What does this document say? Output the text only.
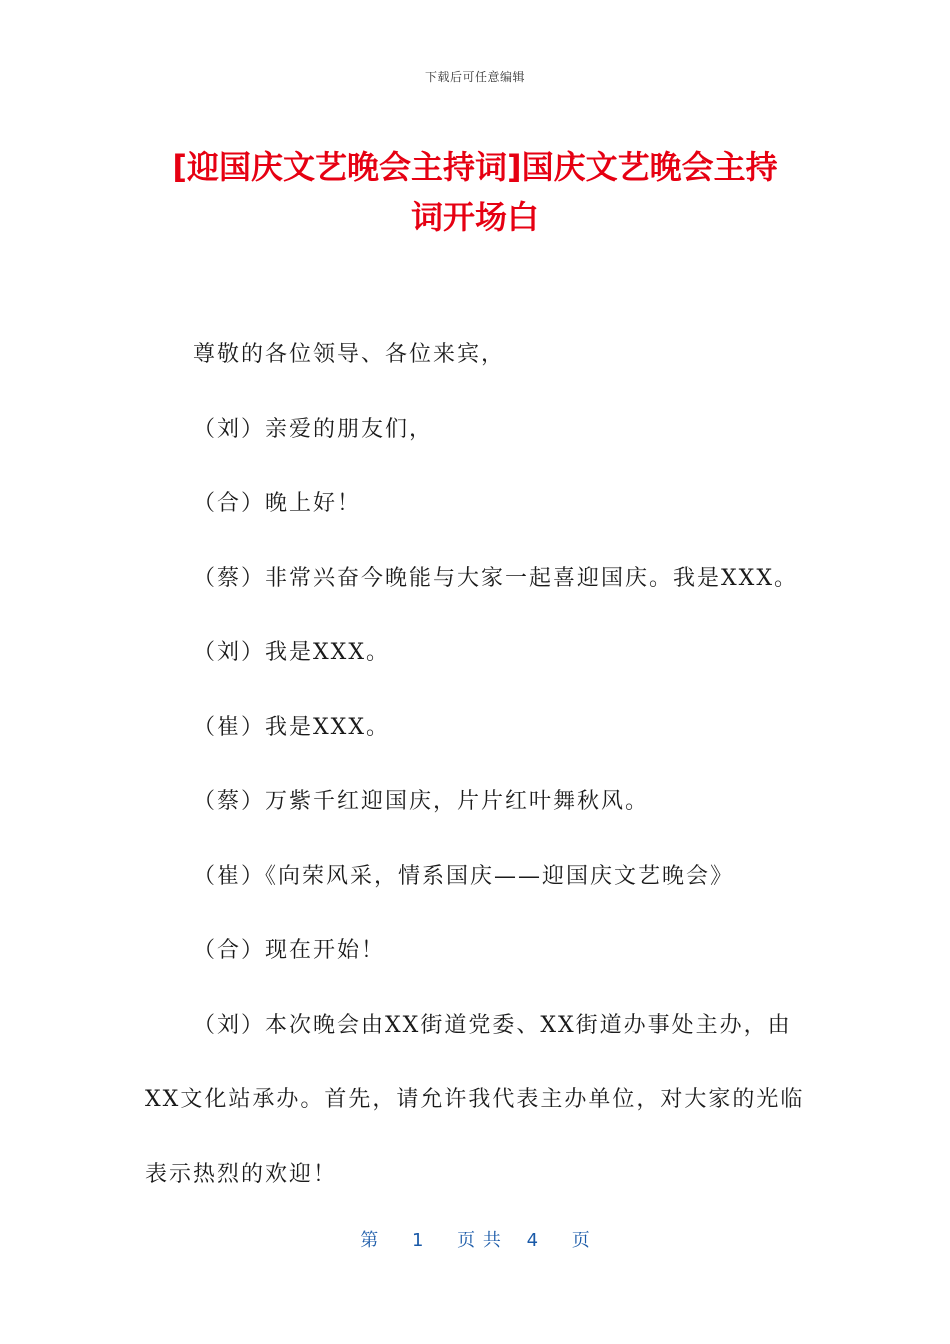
下载后可任意编辑
[迎国庆文艺晚会主持词]国庆文艺晚会主持
词开场白

尊敬的各位领导、各位来宾，

（刘）亲爱的朋友们，

（合）晚上好！

（蔡）非常兴奋今晚能与大家一起喜迎国庆。我是XXX。

（刘）我是XXX。

（崔）我是XXX。

（蔡）万紫千红迎国庆，片片红叶舞秋风。

（崔）《向荣风采，情系国庆——迎国庆文艺晚会》

（合）现在开始！

（刘）本次晚会由XX街道党委、XX街道办事处主办，由

XX文化站承办。首先，请允许我代表主办单位，对大家的光临

表示热烈的欢迎！

第 1 页 共 4 页
